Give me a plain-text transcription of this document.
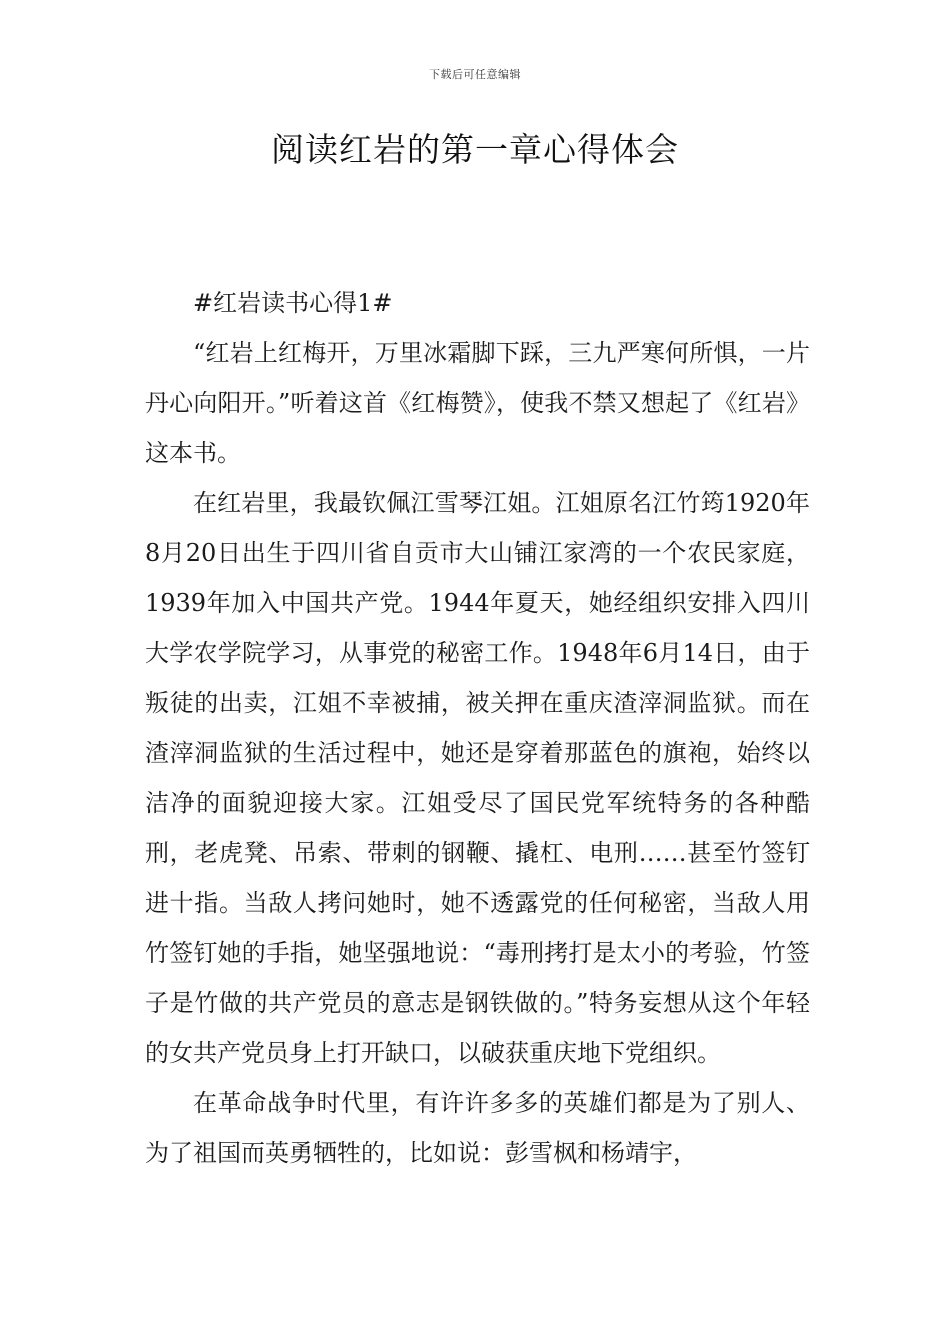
下载后可任意编辑
阅读红岩的第一章心得体会

#红岩读书心得1#

“红岩上红梅开，万里冰霜脚下踩，三九严寒何所惧，一片丹心向阳开。”听着这首《红梅赞》，使我不禁又想起了《红岩》这本书。

在红岩里，我最钦佩江雪琴江姐。江姐原名江竹筠1920年8月20日出生于四川省自贡市大山铺江家湾的一个农民家庭，1939年加入中国共产党。1944年夏天，她经组织安排入四川大学农学院学习，从事党的秘密工作。1948年6月14日，由于叛徒的出卖，江姐不幸被捕，被关押在重庆渣滓洞监狱。而在渣滓洞监狱的生活过程中，她还是穿着那蓝色的旗袍，始终以洁净的面貌迎接大家。江姐受尽了国民党军统特务的各种酷刑，老虎凳、吊索、带刺的钢鞭、撬杠、电刑……甚至竹签钉进十指。当敌人拷问她时，她不透露党的任何秘密，当敌人用竹签钉她的手指，她坚强地说：“毒刑拷打是太小的考验，竹签子是竹做的共产党员的意志是钢铁做的。”特务妄想从这个年轻的女共产党员身上打开缺口，以破获重庆地下党组织。

在革命战争时代里，有许许多多的英雄们都是为了别人、为了祖国而英勇牺牲的，比如说：彭雪枫和杨靖宇，
